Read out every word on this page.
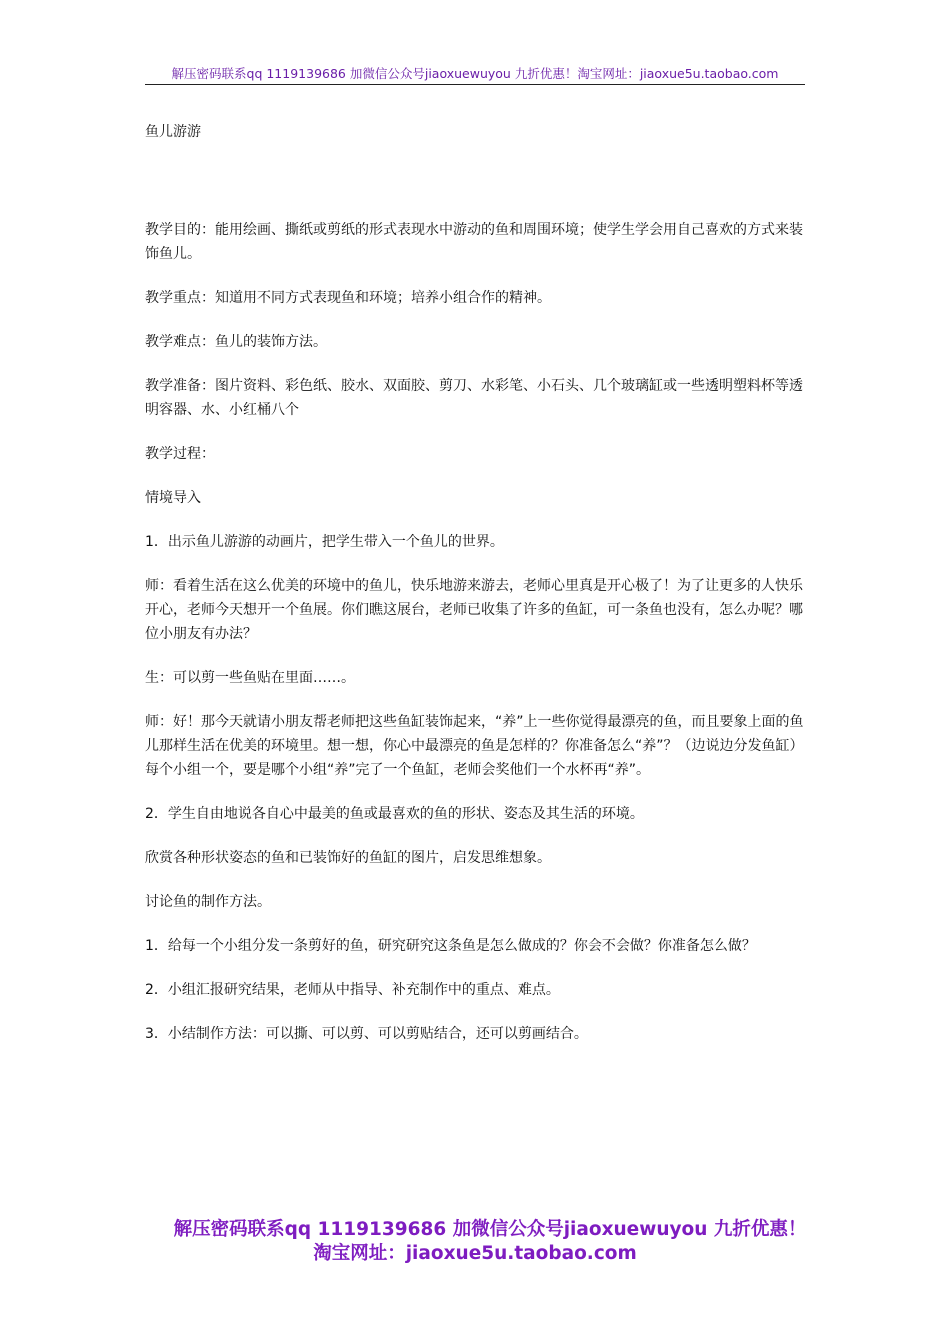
解压密码联系qq 1119139686 加微信公众号jiaoxuewuyou 九折优惠！淘宝网址：jiaoxue5u.taobao.com

鱼儿游游

教学目的：能用绘画、撕纸或剪纸的形式表现水中游动的鱼和周围环境；使学生学会用自己喜欢的方式来装饰鱼儿。

教学重点：知道用不同方式表现鱼和环境；培养小组合作的精神。

教学难点：鱼儿的装饰方法。

教学准备：图片资料、彩色纸、胶水、双面胶、剪刀、水彩笔、小石头、几个玻璃缸或一些透明塑料杯等透明容器、水、小红桶八个

教学过程：

情境导入

1．出示鱼儿游游的动画片，把学生带入一个鱼儿的世界。

师：看着生活在这么优美的环境中的鱼儿，快乐地游来游去，老师心里真是开心极了！为了让更多的人快乐开心，老师今天想开一个鱼展。你们瞧这展台，老师已收集了许多的鱼缸，可一条鱼也没有，怎么办呢？哪位小朋友有办法？

生：可以剪一些鱼贴在里面……。

师：好！那今天就请小朋友帮老师把这些鱼缸装饰起来，“养”上一些你觉得最漂亮的鱼，而且要象上面的鱼儿那样生活在优美的环境里。想一想，你心中最漂亮的鱼是怎样的？你准备怎么“养”？（边说边分发鱼缸）每个小组一个，要是哪个小组“养”完了一个鱼缸，老师会奖他们一个水杯再“养”。

2．学生自由地说各自心中最美的鱼或最喜欢的鱼的形状、姿态及其生活的环境。

欣赏各种形状姿态的鱼和已装饰好的鱼缸的图片，启发思维想象。

讨论鱼的制作方法。

1．给每一个小组分发一条剪好的鱼，研究研究这条鱼是怎么做成的？你会不会做？你准备怎么做？

2．小组汇报研究结果，老师从中指导、补充制作中的重点、难点。

3．小结制作方法：可以撕、可以剪、可以剪贴结合，还可以剪画结合。

解压密码联系qq 1119139686 加微信公众号jiaoxuewuyou 九折优惠！
淘宝网址：jiaoxue5u.taobao.com
